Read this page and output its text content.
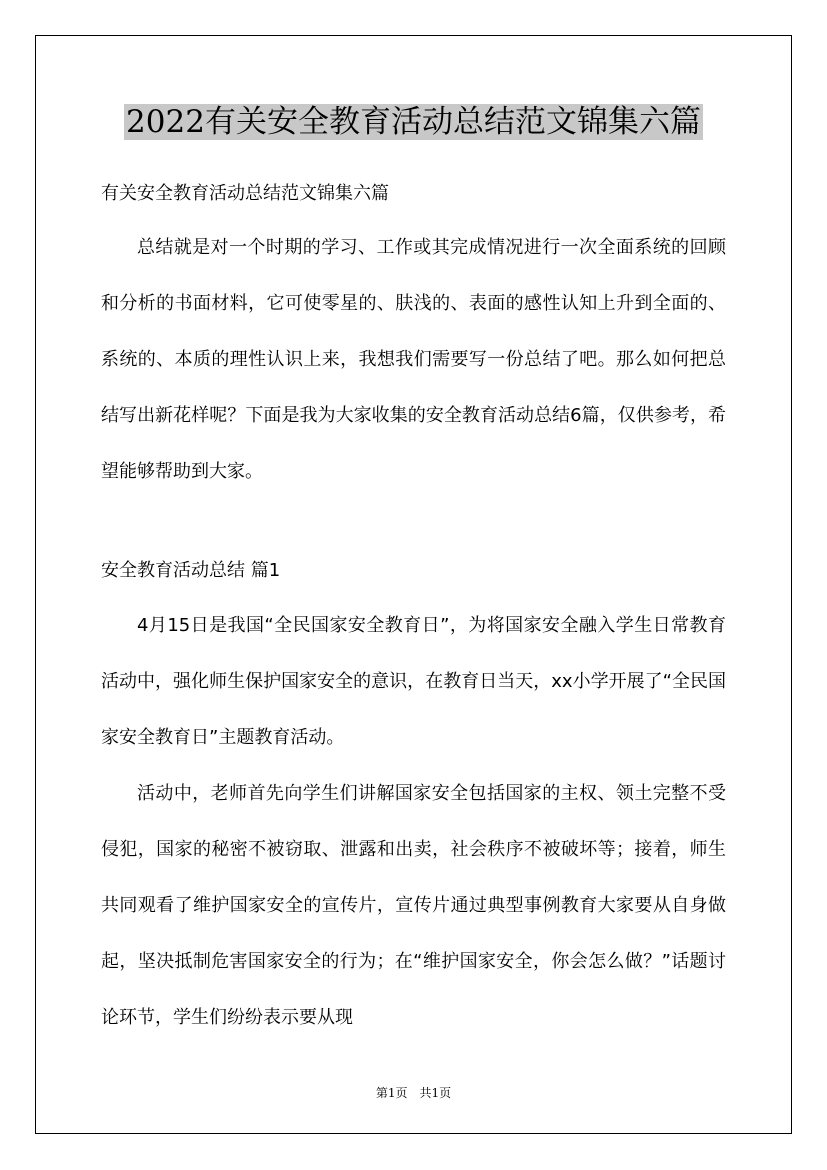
2022有关安全教育活动总结范文锦集六篇
有关安全教育活动总结范文锦集六篇

总结就是对一个时期的学习、工作或其完成情况进行一次全面系统的回顾和分析的书面材料，它可使零星的、肤浅的、表面的感性认知上升到全面的、系统的、本质的理性认识上来，我想我们需要写一份总结了吧。那么如何把总结写出新花样呢？下面是我为大家收集的安全教育活动总结6篇，仅供参考，希望能够帮助到大家。

安全教育活动总结 篇1

4月15日是我国“全民国家安全教育日”，为将国家安全融入学生日常教育活动中，强化师生保护国家安全的意识，在教育日当天，xx小学开展了“全民国家安全教育日”主题教育活动。

活动中，老师首先向学生们讲解国家安全包括国家的主权、领土完整不受侵犯，国家的秘密不被窃取、泄露和出卖，社会秩序不被破坏等；接着，师生共同观看了维护国家安全的宣传片，宣传片通过典型事例教育大家要从自身做起，坚决抵制危害国家安全的行为；在“维护国家安全，你会怎么做？”话题讨论环节，学生们纷纷表示要从现

第1页 共1页
